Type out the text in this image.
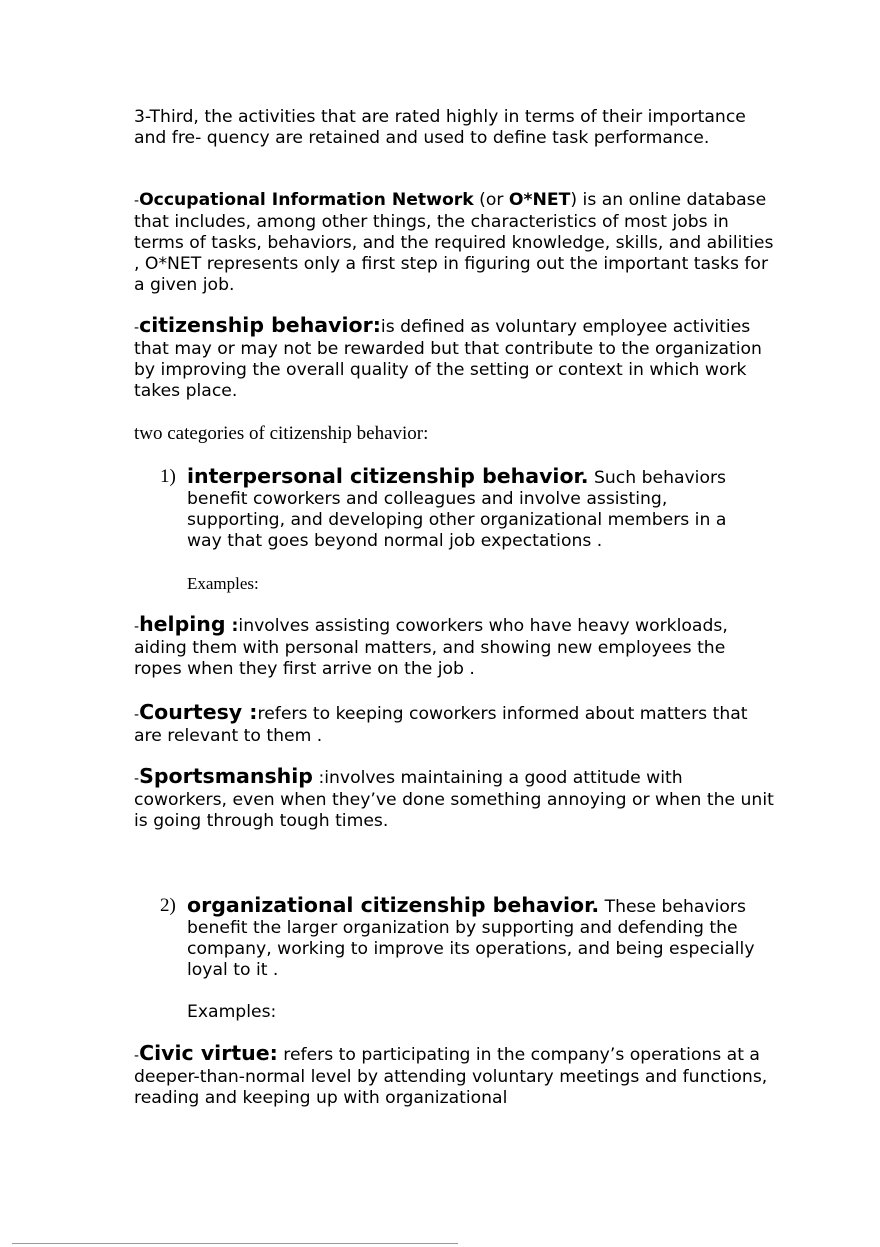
3-Third, the activities that are rated highly in terms of their importance and fre- quency are retained and used to define task performance.

-Occupational Information Network (or O*NET) is an online database that includes, among other things, the characteristics of most jobs in terms of tasks, behaviors, and the required knowledge, skills, and abilities , O*NET represents only a first step in figuring out the important tasks for a given job.

-citizenship behavior:is defined as voluntary employee activities that may or may not be rewarded but that contribute to the organization by improving the overall quality of the setting or context in which work takes place.

two categories of citizenship behavior:

1) interpersonal citizenship behavior. Such behaviors benefit coworkers and colleagues and involve assisting, supporting, and developing other organizational members in a way that goes beyond normal job expectations .
Examples:

-helping :involves assisting coworkers who have heavy workloads, aiding them with personal matters, and showing new employees the ropes when they first arrive on the job .

-Courtesy :refers to keeping coworkers informed about matters that are relevant to them .

-Sportsmanship :involves maintaining a good attitude with coworkers, even when they’ve done something annoying or when the unit is going through tough times.

2) organizational citizenship behavior. These behaviors benefit the larger organization by supporting and defending the company, working to improve its operations, and being especially loyal to it .
Examples:

-Civic virtue: refers to participating in the company’s operations at a deeper-than-normal level by attending voluntary meetings and functions, reading and keeping up with organizational
